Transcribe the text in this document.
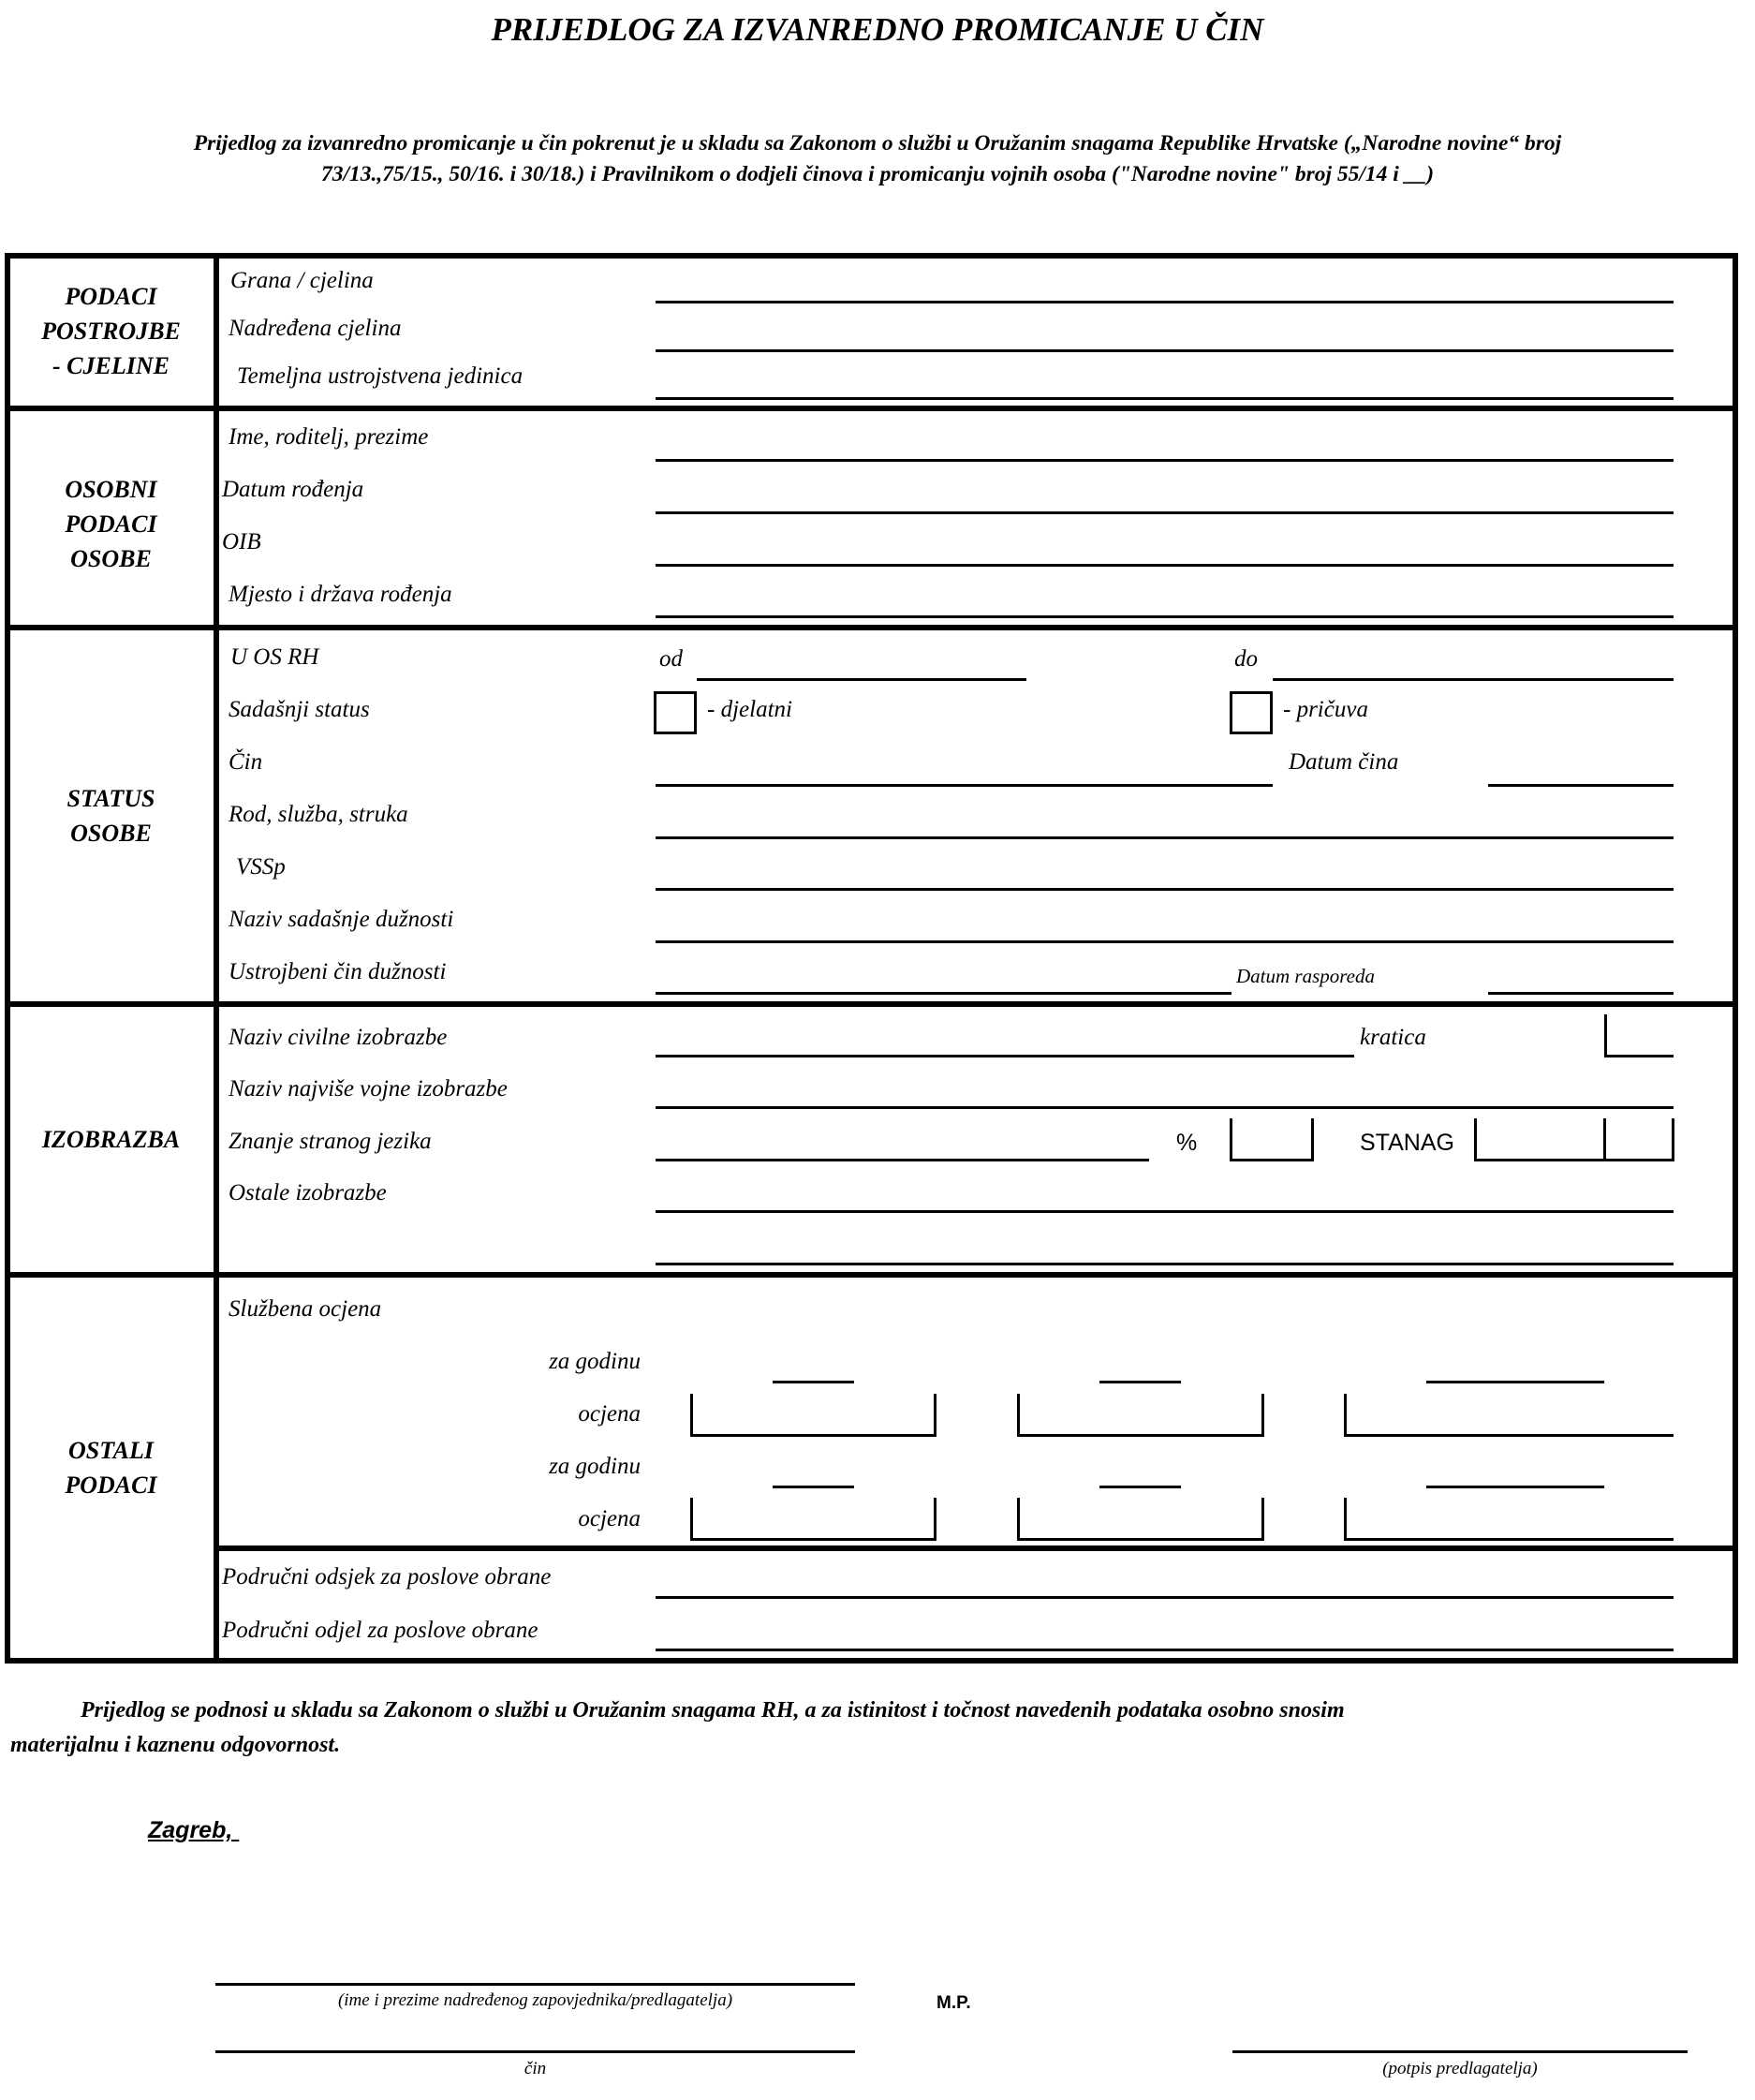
PRIJEDLOG ZA IZVANREDNO PROMICANJE U ČIN
Prijedlog za izvanredno promicanje u čin pokrenut je u skladu sa Zakonom o službi u Oružanim snagama Republike Hrvatske („Narodne novine“ broj
73/13.,75/15., 50/16. i 30/18.) i Pravilnikom o dodjeli činova i promicanju vojnih osoba ("Narodne novine" broj 55/14 i __)
PODACI
POSTROJBE
- CJELINE
Grana / cjelina
Nadređena cjelina
Temeljna ustrojstvena jedinica
OSOBNI
PODACI
OSOBE
Ime, roditelj, prezime
Datum rođenja
OIB
Mjesto i država rođenja
STATUS
OSOBE
U OS RH	od	do
Sadašnji status	- djelatni	- pričuva
Čin	Datum čina
Rod, služba, struka
VSSp
Naziv sadašnje dužnosti
Ustrojbeni čin dužnosti	Datum rasporeda
IZOBRAZBA
Naziv civilne izobrazbe	kratica
Naziv najviše vojne izobrazbe
Znanje stranog jezika	%	STANAG
Ostale izobrazbe
OSTALI
PODACI
Službena ocjena
za godinu
ocjena
za godinu
ocjena
Područni odsjek za poslove obrane
Područni odjel za poslove obrane
Prijedlog se podnosi u skladu sa Zakonom o službi u Oružanim snagama RH, a za istinitost i točnost navedenih podataka osobno snosim
materijalnu i kaznenu odgovornost.
Zagreb,
(ime i prezime nadređenog zapovjednika/predlagatelja)	M.P.
čin	(potpis predlagatelja)
